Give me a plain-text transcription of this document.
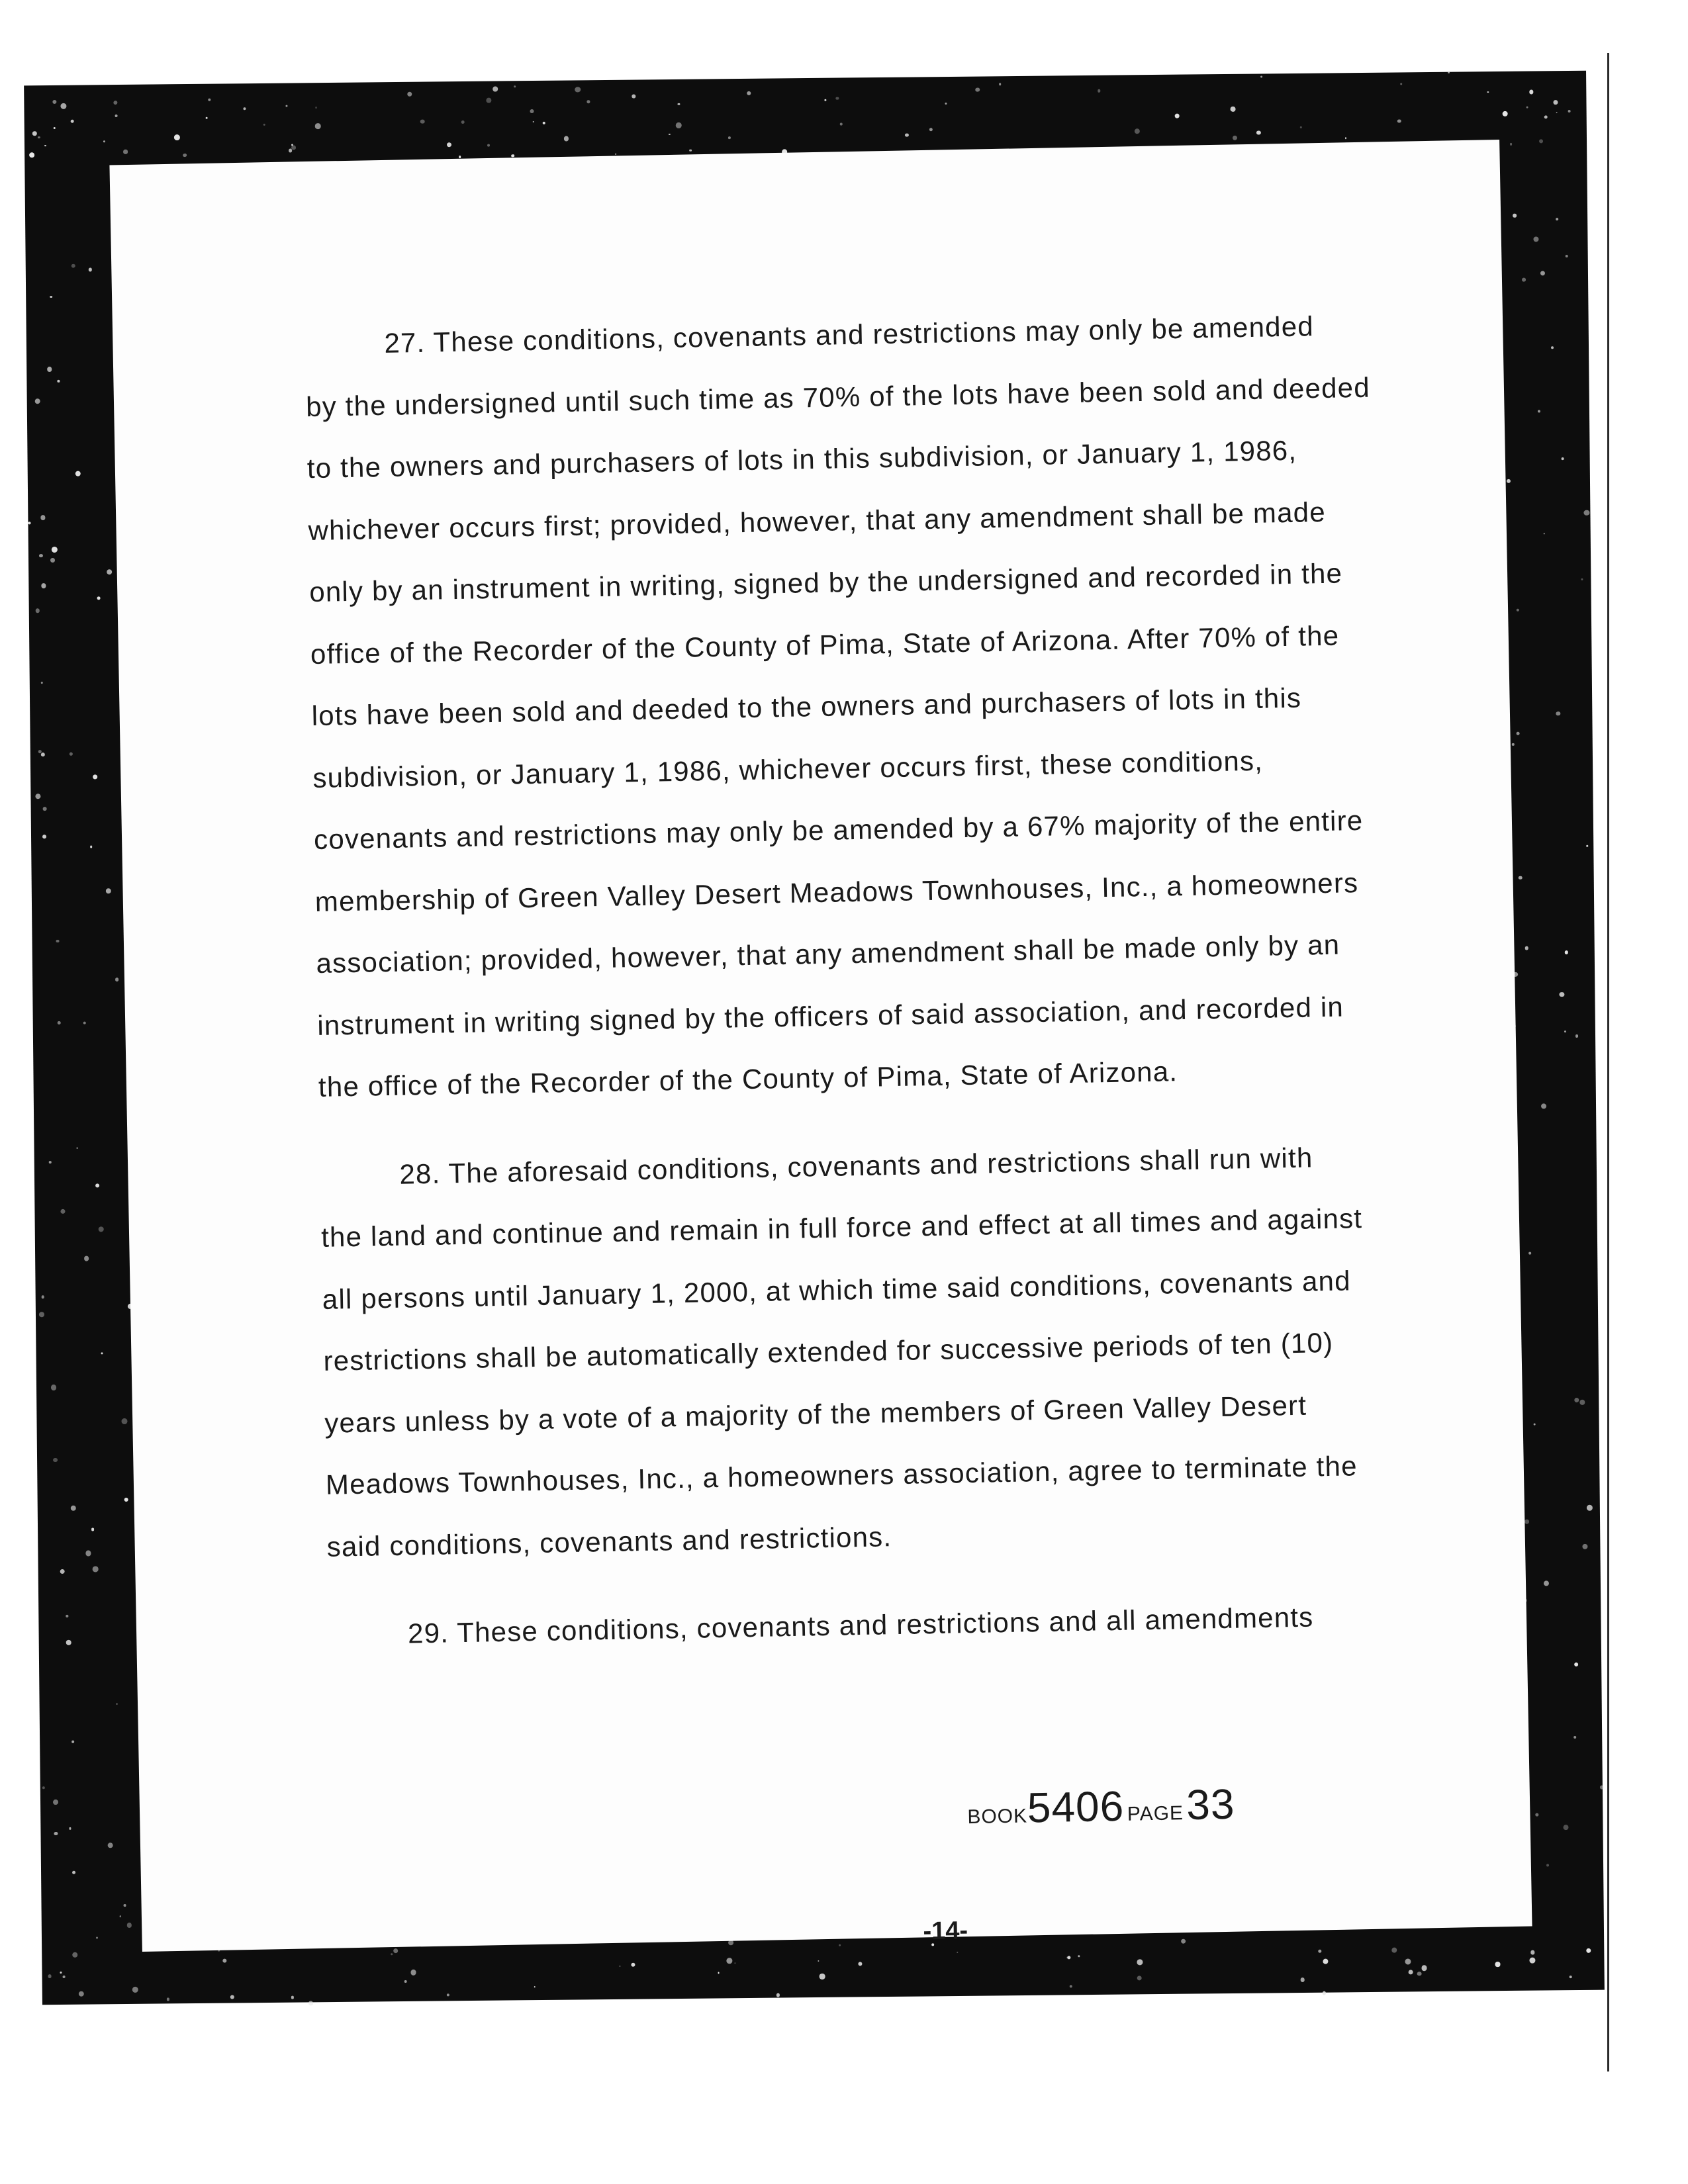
27. These conditions, covenants and restrictions may only be amended
by the undersigned until such time as 70% of the lots have been sold and deeded
to the owners and purchasers of lots in this subdivision, or January 1, 1986,
whichever occurs first; provided, however, that any amendment shall be made
only by an instrument in writing, signed by the undersigned and recorded in the
office of the Recorder of the County of Pima, State of Arizona. After 70% of the
lots have been sold and deeded to the owners and purchasers of lots in this
subdivision, or January 1, 1986, whichever occurs first, these conditions,
covenants and restrictions may only be amended by a 67% majority of the entire
membership of Green Valley Desert Meadows Townhouses, Inc., a homeowners
association; provided, however, that any amendment shall be made only by an
instrument in writing signed by the officers of said association, and recorded in
the office of the Recorder of the County of Pima, State of Arizona.
28. The aforesaid conditions, covenants and restrictions shall run with
the land and continue and remain in full force and effect at all times and against
all persons until January 1, 2000, at which time said conditions, covenants and
restrictions shall be automatically extended for successive periods of ten (10)
years unless by a vote of a majority of the members of Green Valley Desert
Meadows Townhouses, Inc., a homeowners association, agree to terminate the
said conditions, covenants and restrictions.
29. These conditions, covenants and restrictions and all amendments
BOOK5406 PAGE 33
-14-
